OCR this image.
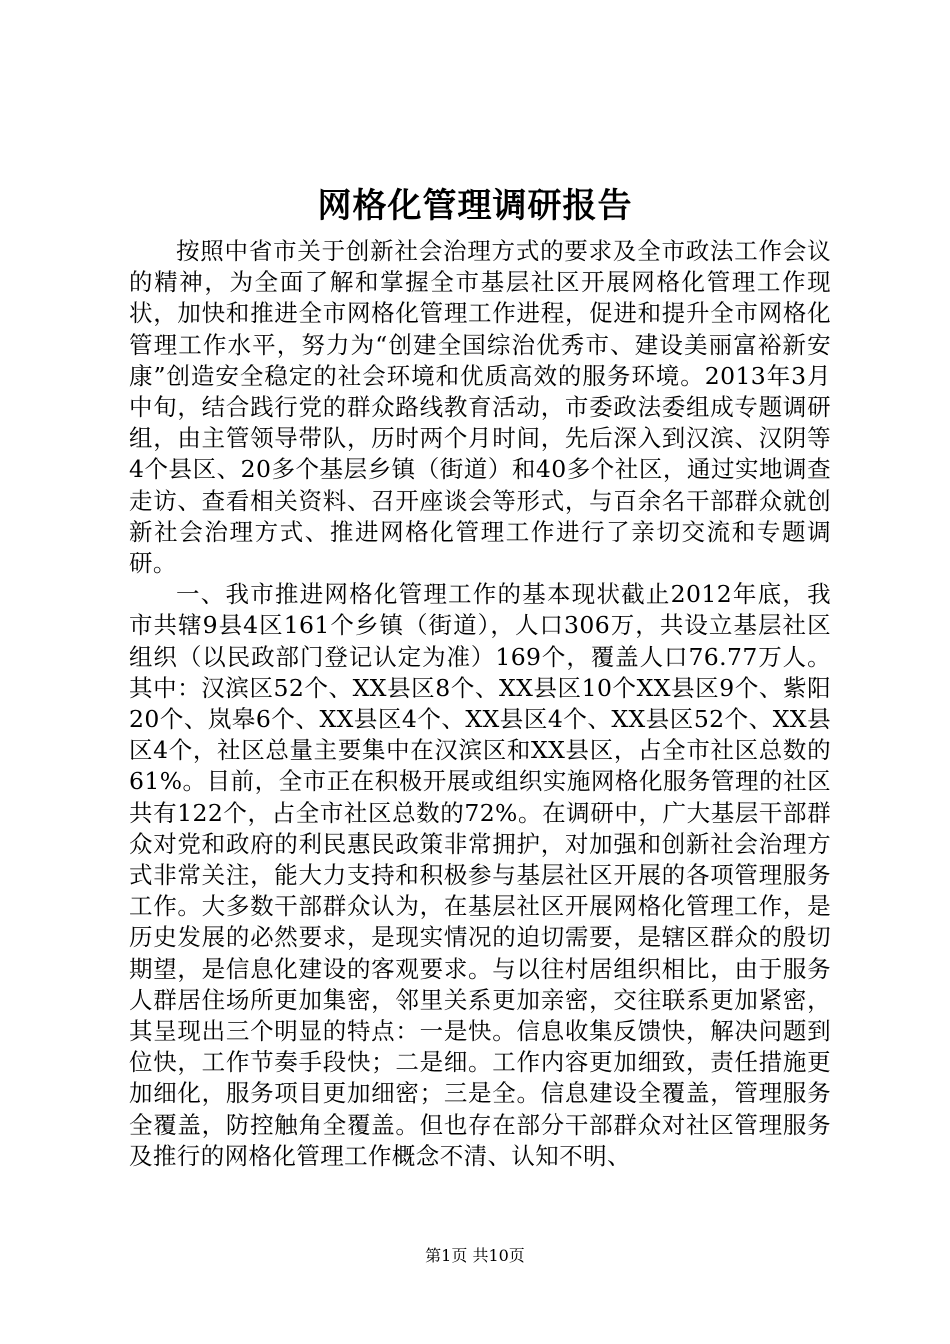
网格化管理调研报告

按照中省市关于创新社会治理方式的要求及全市政法工作会议的精神，为全面了解和掌握全市基层社区开展网格化管理工作现状，加快和推进全市网格化管理工作进程，促进和提升全市网格化管理工作水平，努力为“创建全国综治优秀市、建设美丽富裕新安康”创造安全稳定的社会环境和优质高效的服务环境。2013年3月中旬，结合践行党的群众路线教育活动，市委政法委组成专题调研组，由主管领导带队，历时两个月时间，先后深入到汉滨、汉阴等4个县区、20多个基层乡镇（街道）和40多个社区，通过实地调查走访、查看相关资料、召开座谈会等形式，与百余名干部群众就创新社会治理方式、推进网格化管理工作进行了亲切交流和专题调研。

一、我市推进网格化管理工作的基本现状截止2012年底，我市共辖9县4区161个乡镇（街道），人口306万，共设立基层社区组织（以民政部门登记认定为准）169个，覆盖人口76.77万人。其中：汉滨区52个、XX县区8个、XX县区10个XX县区9个、紫阳20个、岚皋6个、XX县区4个、XX县区4个、XX县区52个、XX县区4个，社区总量主要集中在汉滨区和XX县区，占全市社区总数的61%。目前，全市正在积极开展或组织实施网格化服务管理的社区共有122个，占全市社区总数的72%。在调研中，广大基层干部群众对党和政府的利民惠民政策非常拥护，对加强和创新社会治理方式非常关注，能大力支持和积极参与基层社区开展的各项管理服务工作。大多数干部群众认为，在基层社区开展网格化管理工作，是历史发展的必然要求，是现实情况的迫切需要，是辖区群众的殷切期望，是信息化建设的客观要求。与以往村居组织相比，由于服务人群居住场所更加集密，邻里关系更加亲密，交往联系更加紧密，其呈现出三个明显的特点：一是快。信息收集反馈快，解决问题到位快，工作节奏手段快；二是细。工作内容更加细致，责任措施更加细化，服务项目更加细密；三是全。信息建设全覆盖，管理服务全覆盖，防控触角全覆盖。但也存在部分干部群众对社区管理服务及推行的网格化管理工作概念不清、认知不明、

第1页 共10页
